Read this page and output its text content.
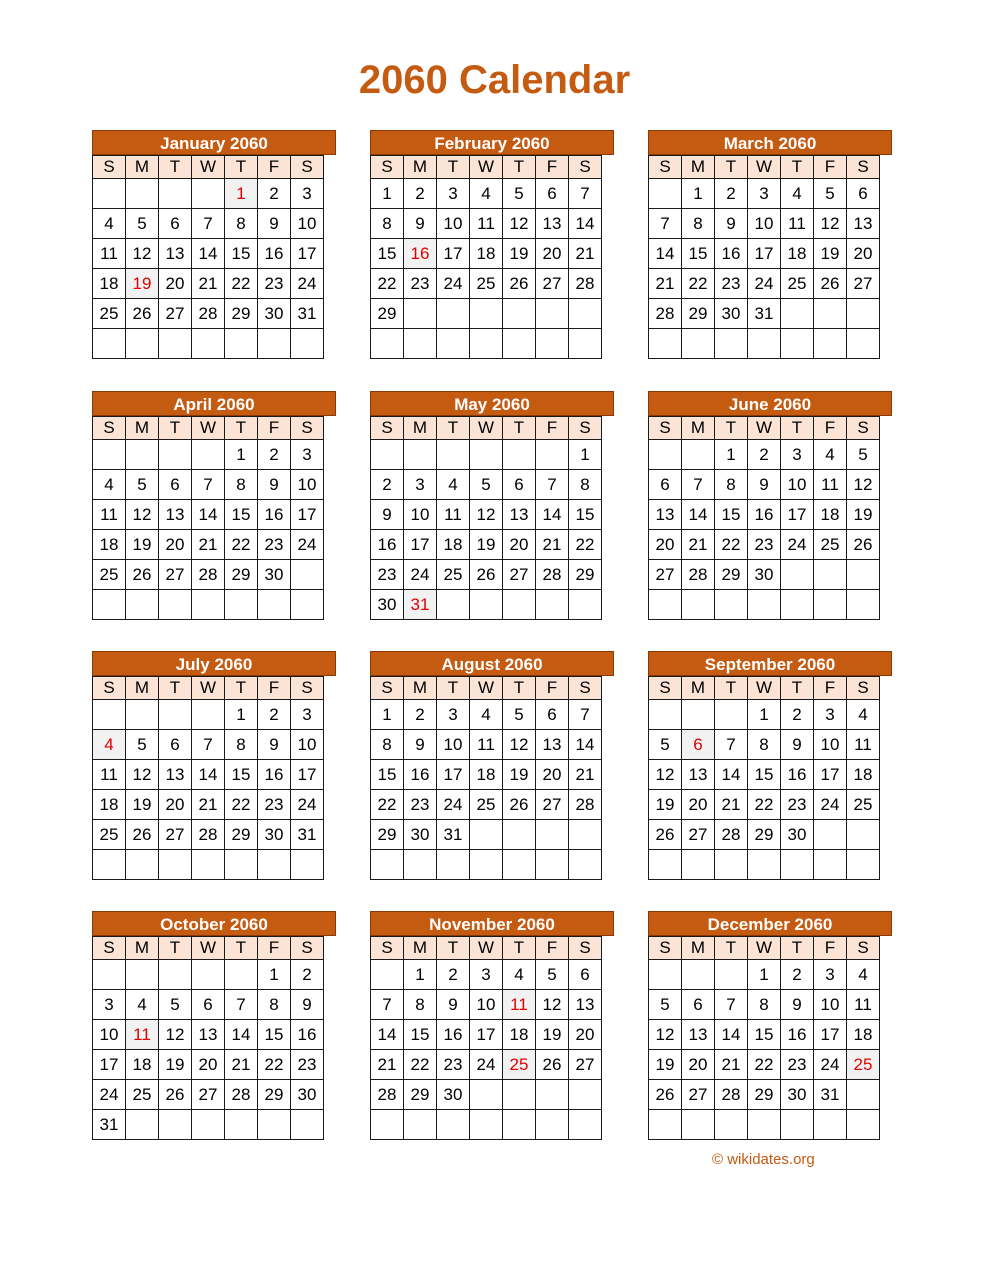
2060 Calendar
January 2060
S	M	T	W	T	F	S
				1	2	3
4	5	6	7	8	9	10
11	12	13	14	15	16	17
18	19	20	21	22	23	24
25	26	27	28	29	30	31

February 2060
S	M	T	W	T	F	S
1	2	3	4	5	6	7
8	9	10	11	12	13	14
15	16	17	18	19	20	21
22	23	24	25	26	27	28
29						

March 2060
S	M	T	W	T	F	S
	1	2	3	4	5	6
7	8	9	10	11	12	13
14	15	16	17	18	19	20
21	22	23	24	25	26	27
28	29	30	31			

April 2060
S	M	T	W	T	F	S
				1	2	3
4	5	6	7	8	9	10
11	12	13	14	15	16	17
18	19	20	21	22	23	24
25	26	27	28	29	30	

May 2060
S	M	T	W	T	F	S
						1
2	3	4	5	6	7	8
9	10	11	12	13	14	15
16	17	18	19	20	21	22
23	24	25	26	27	28	29
30	31					
June 2060
S	M	T	W	T	F	S
		1	2	3	4	5
6	7	8	9	10	11	12
13	14	15	16	17	18	19
20	21	22	23	24	25	26
27	28	29	30			

July 2060
S	M	T	W	T	F	S
				1	2	3
4	5	6	7	8	9	10
11	12	13	14	15	16	17
18	19	20	21	22	23	24
25	26	27	28	29	30	31

August 2060
S	M	T	W	T	F	S
1	2	3	4	5	6	7
8	9	10	11	12	13	14
15	16	17	18	19	20	21
22	23	24	25	26	27	28
29	30	31				

September 2060
S	M	T	W	T	F	S
			1	2	3	4
5	6	7	8	9	10	11
12	13	14	15	16	17	18
19	20	21	22	23	24	25
26	27	28	29	30		

October 2060
S	M	T	W	T	F	S
					1	2
3	4	5	6	7	8	9
10	11	12	13	14	15	16
17	18	19	20	21	22	23
24	25	26	27	28	29	30
31						
November 2060
S	M	T	W	T	F	S
	1	2	3	4	5	6
7	8	9	10	11	12	13
14	15	16	17	18	19	20
21	22	23	24	25	26	27
28	29	30				

December 2060
S	M	T	W	T	F	S
			1	2	3	4
5	6	7	8	9	10	11
12	13	14	15	16	17	18
19	20	21	22	23	24	25
26	27	28	29	30	31	

© wikidates.org
